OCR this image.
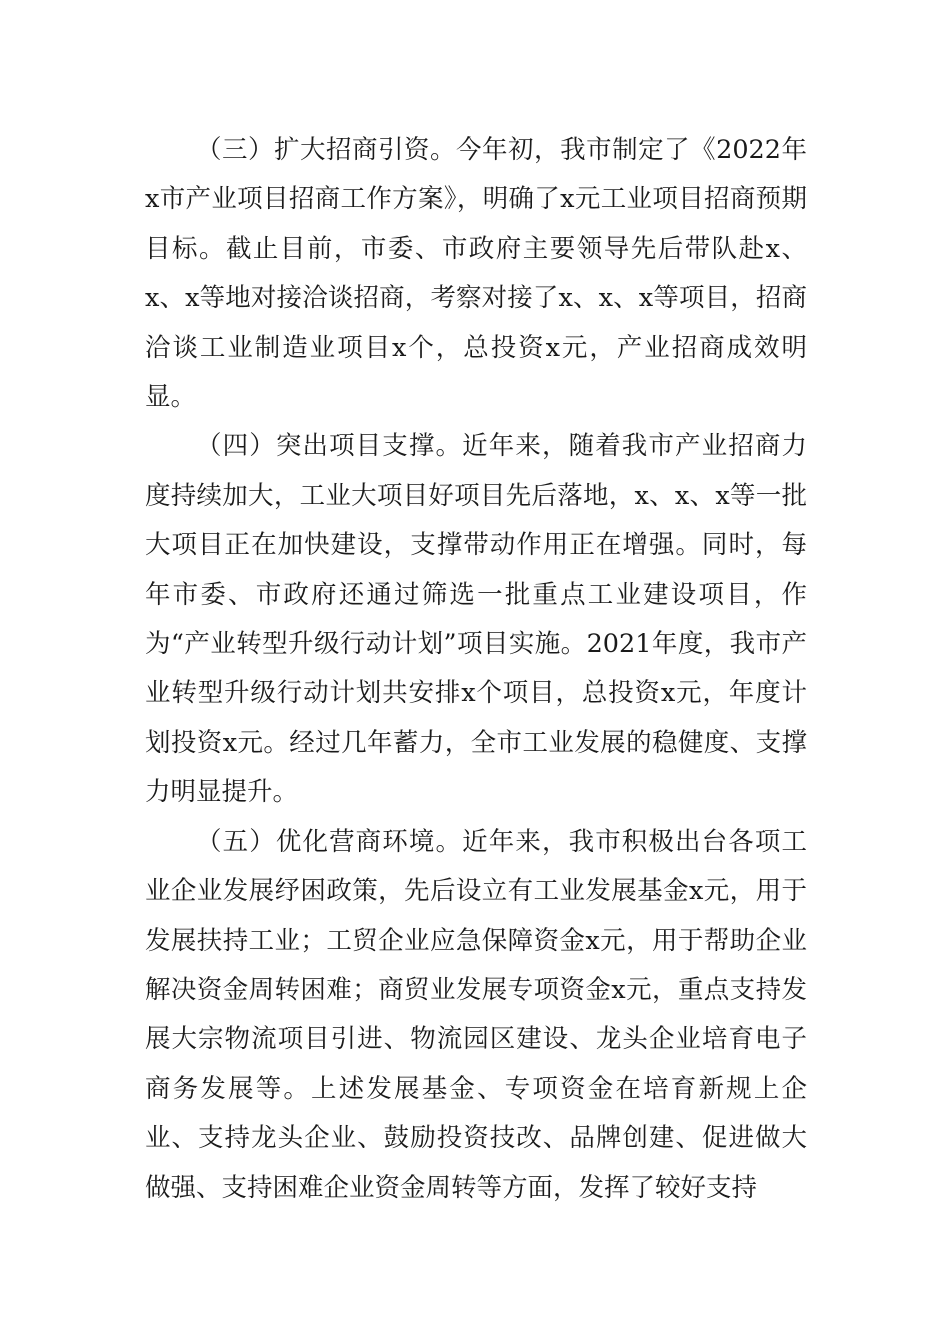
（三）扩大招商引资。今年初，我市制定了《2022年x市产业项目招商工作方案》，明确了x元工业项目招商预期目标。截止目前，市委、市政府主要领导先后带队赴x、x、x等地对接洽谈招商，考察对接了x、x、x等项目，招商洽谈工业制造业项目x个，总投资x元，产业招商成效明显。

（四）突出项目支撑。近年来，随着我市产业招商力度持续加大，工业大项目好项目先后落地，x、x、x等一批大项目正在加快建设，支撑带动作用正在增强。同时，每年市委、市政府还通过筛选一批重点工业建设项目，作为“产业转型升级行动计划”项目实施。2021年度，我市产业转型升级行动计划共安排x个项目，总投资x元，年度计划投资x元。经过几年蓄力，全市工业发展的稳健度、支撑力明显提升。

（五）优化营商环境。近年来，我市积极出台各项工业企业发展纾困政策，先后设立有工业发展基金x元，用于发展扶持工业；工贸企业应急保障资金x元，用于帮助企业解决资金周转困难；商贸业发展专项资金x元，重点支持发展大宗物流项目引进、物流园区建设、龙头企业培育电子商务发展等。上述发展基金、专项资金在培育新规上企业、支持龙头企业、鼓励投资技改、品牌创建、促进做大做强、支持困难企业资金周转等方面，发挥了较好支持
